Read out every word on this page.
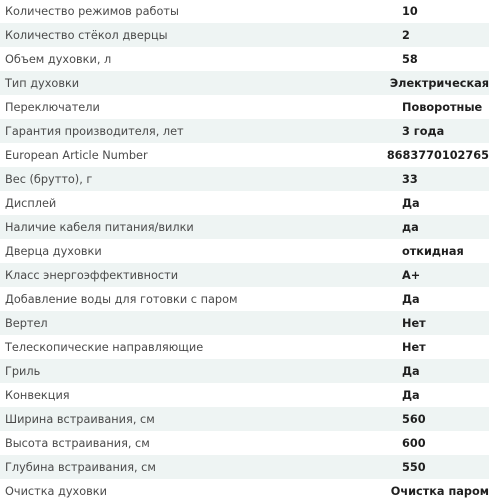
Количество режимов работы	10
Количество стёкол дверцы	2
Объем духовки, л	58
Тип духовки	Электрическая
Переключатели	Поворотные
Гарантия производителя, лет	3 года
European Article Number	8683770102765
Вес (брутто), г	33
Дисплей	Да
Наличие кабеля питания/вилки	да
Дверца духовки	откидная
Класс энергоэффективности	A+
Добавление воды для готовки с паром	Да
Вертел	Нет
Телескопические направляющие	Нет
Гриль	Да
Конвекция	Да
Ширина встраивания, см	560
Высота встраивания, см	600
Глубина встраивания, см	550
Очистка духовки	Очистка паром
